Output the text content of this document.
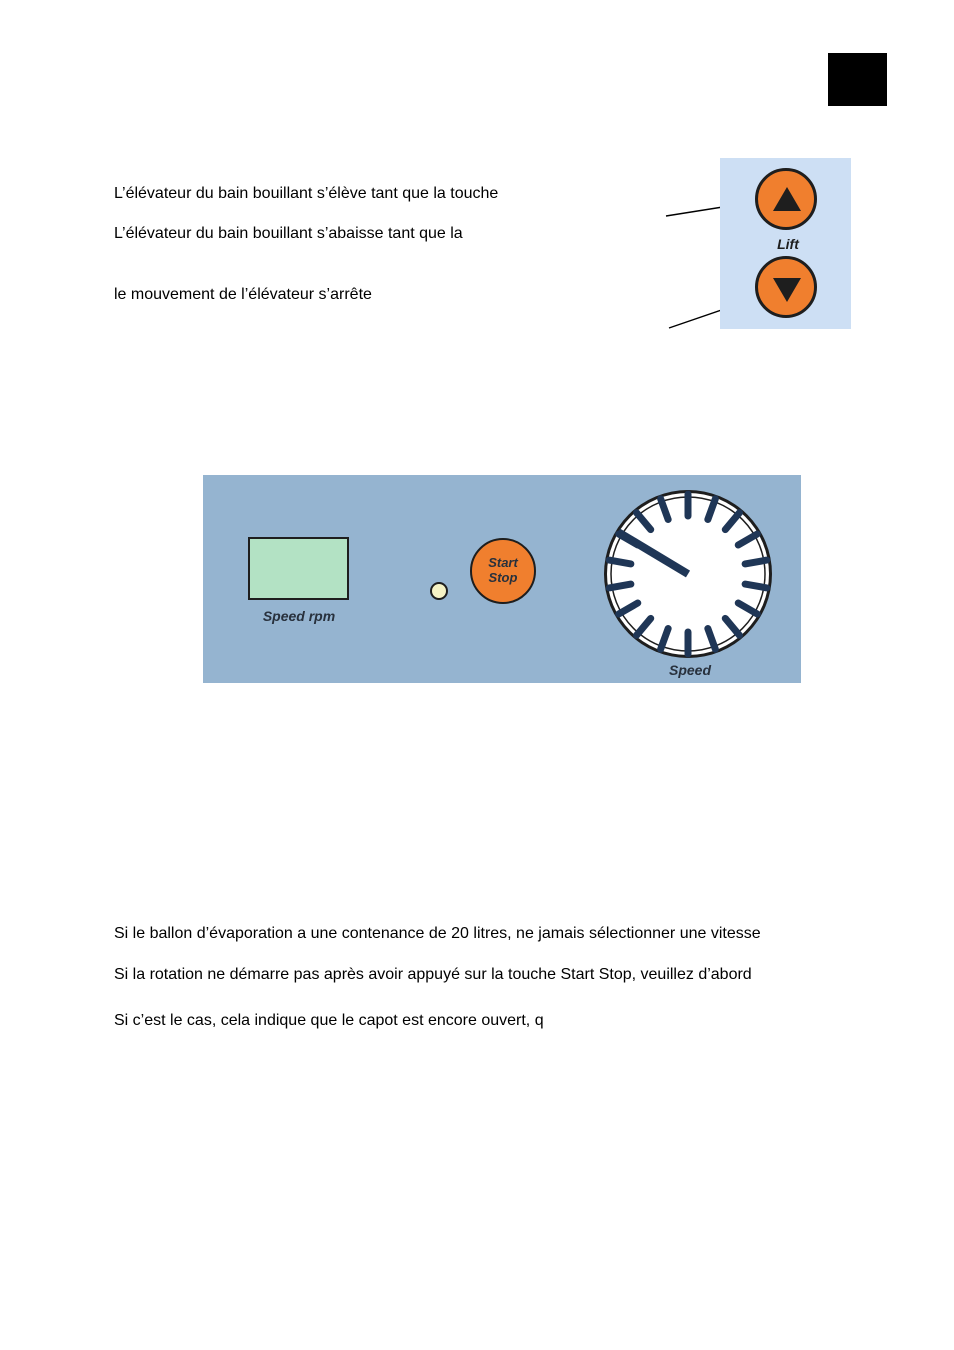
L’élévateur du bain bouillant s’élève tant que la touche
L’élévateur du bain bouillant s’abaisse tant que la
le mouvement de l’élévateur s’arrête
Lift
Speed rpm
Start
Stop
Speed
Si le ballon d’évaporation a une contenance de 20 litres, ne jamais sélectionner une vitesse
Si la rotation ne démarre pas après avoir appuyé sur la touche Start Stop, veuillez d’abord
Si c’est le cas, cela indique que le capot est encore ouvert, q
